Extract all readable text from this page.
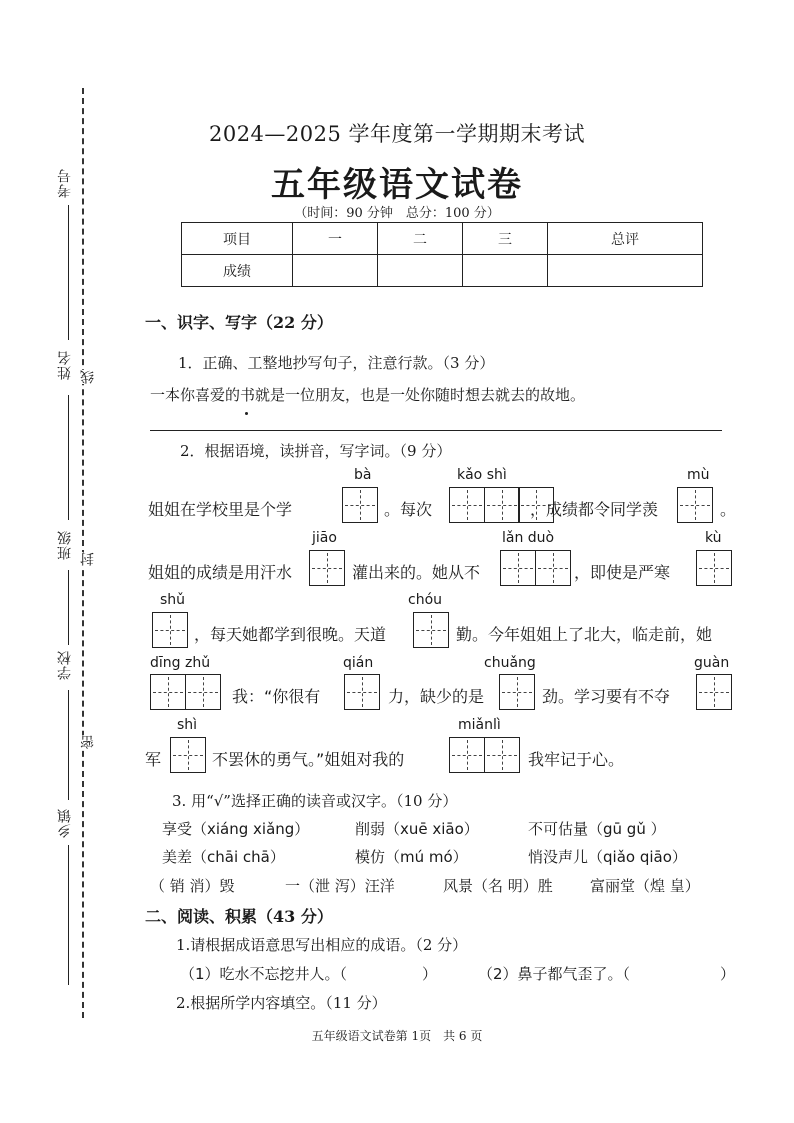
考号
姓名
班级
学校
乡镇
线
封
密
2024—2025 学年度第一学期期末考试
五年级语文试卷
（时间：90 分钟　总分：100 分）
项目	一	二	三	总评
成绩				
一、识字、写字（22 分）
1．正确、工整地抄写句子，注意行款。（3 分）
一本你喜爱的书就是一位朋友，也是一处你随时想去就去的故地。
2．根据语境，读拼音，写字词。（9 分）
bà	kǎo shì	mù
姐姐在学校里是个学	。每次	，成绩都令同学羡	。
jiāo	lǎn duò	kù
姐姐的成绩是用汗水	灌出来的。她从不	，即使是严寒
shǔ	chóu
，每天她都学到很晚。天道	勤。今年姐姐上了北大，临走前，她
dīng zhǔ	qián	chuǎng	guàn
我：“你很有	力，缺少的是	劲。学习要有不夺
shì	miǎnlì
军	不罢休的勇气。”姐姐对我的	我牢记于心。
3. 用“√”选择正确的读音或汉字。（10 分）
享受（xiáng xiǎng）	削弱（xuē xiāo）	不可估量（gū gǔ ）
美差（chāi chā）	模仿（mú mó）	悄没声儿（qiǎo qiāo）
（ 销 消）毁	一（泄 泻）汪洋	风景（名 明）胜 富丽堂（煌 皇）
二、阅读、积累（43 分）
1.请根据成语意思写出相应的成语。（2 分）
（1）吃水不忘挖井人。（　　　　　）	（2）鼻子都气歪了。（　　　　　　）
2.根据所学内容填空。（11 分）
五年级语文试卷第 1页　共 6 页
